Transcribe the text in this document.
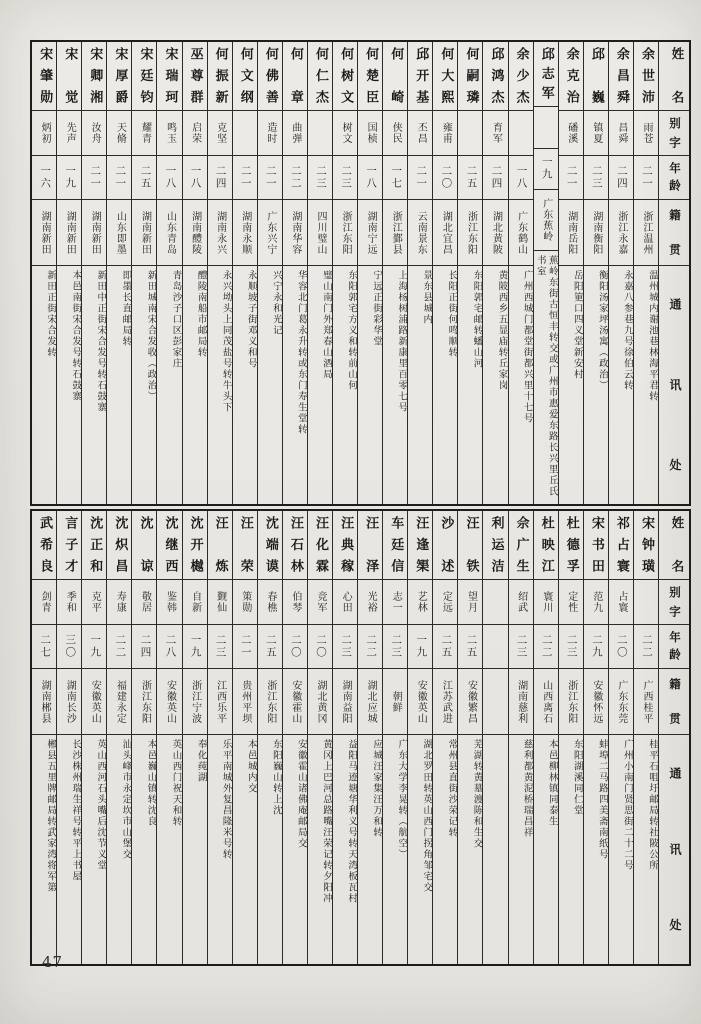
姓名
别字
年龄
籍贯
通讯处
余世沛
雨苍
二一
浙江温州
温州城内谢池巷林海平君转
余昌舜
昌舜
二四
浙江永嘉
永嘉八参巷九号徐伯云转
邱巍
镇夏
二三
湖南衡阳
衡阳汤家坪汤寓（政治）
余克治
磻溪
二一
湖南岳阳
岳阳筻口四义堂新安村
邱志军
一九
广东蕉岭
蕉岭东街古恒丰转交或广州市惠爱东路长兴里丘氏书室
余少杰
一八
广东鹤山
广州西城门都堂街都兴里十七号
邱鸿杰
育军
二四
湖北黄陂
黄陂西乡五显庙转丘家岗
何嗣璘
二五
浙江东阳
东阳郭宅邮转蟠山河
何大熙
雍甫
二〇
湖北宜昌
长阳正街何鸣顺转
邱开基
丕昌
二一
云南景东
景东县城内
何崎
侠民
一七
浙江鄞县
上海杨树浦路新康里百零七号
何楚臣
国桢
一八
湖南宁远
宁远正街彩华堂
何树文
树文
二三
浙江东阳
东阳郭宅方义和转前山何
何仁杰
二三
四川璧山
璧山南门外郑春山酒局
何章
曲弹
二二
湖南华容
华容北门葛永升转或东门寿生堂转
何佛善
造时
二一
广东兴宁
兴宁永和光记
何文纲
二一
湖南永顺
永顺坡子街邓义和号
何振新
克坚
二四
湖南永兴
永兴坳头上同茂盐号转牛头下
巫尊群
启荣
一八
湖南醴陵
醴陵南船市邮局转
宋瑞珂
鸣玉
一八
山东青岛
青岛沙子口区彭家庄
宋廷钧
耀青
二五
湖南新田
新田城南宋合发收（政治）
宋厚爵
天脩
二一
山东即墨
即墨长直邮局转
宋卿湘
汝舟
二一
湖南新田
新田中正街宋合发号转石鼓寨
宋觉
先声
一九
湖南新田
本邑南街宋合发号转石鼓寨
宋肇勋
炳初
一六
湖南新田
新田正街宋合发转
姓名
别字
年龄
籍贯
通讯处
宋钟璜
二二
广西桂平
桂平石咀圩邮局转社陂公所
祁占寰
占寰
二〇
广东东莞
广州小南门贤思街二十二号
宋书田
范九
二九
安徽怀远
蚌埠二马路四美斋南纸号
杜德孚
定性
二三
浙江东阳
东阳湖溪同仁堂
杜映江
寰川
二二
山西离石
本邑柳林镇同泰生
佘广生
绍武
二三
湖南慈利
慈利都黄泥桥瑞昌祥
利运洁
汪铁
望月
二五
安徽繁昌
芜湖转黄墓渡陈和生交
沙述
定远
二五
江苏武进
常州县直街沙荣记转
汪逢榘
艺林
一九
安徽英山
湖北罗田转英山西门拐角邹宅交
车廷信
志一
二三
朝鲜
广东大学李晃转（航空）
汪泽
光裕
二二
湖北应城
应城汪家集汪万和转
汪典稼
心田
二三
湖南益阳
益阳马迹塘华利义号转天湾板瓦村
汪化霖
竞军
二〇
湖北黄冈
黄冈上巴河总路嘴汪荣记转夕阳冲
汪石林
伯琴
二〇
安徽霍山
安徽霍山诸佛庵邮局交
沈端谟
春樵
二五
浙江东阳
东阳巍山转上沈
汪荣
策勋
二一
贵州平坝
本邑城内交
汪炼
觐仙
二三
江西乐平
乐平南城外复昌隆米号转
沈开樾
自新
一九
浙江宁波
奉化莼湖
沈继西
鉴韩
二八
安徽英山
英山西门祝天和转
沈谅
敬居
二四
浙江东阳
本邑巍山镇转沈良
沈炽昌
寿康
二二
福建永定
汕头峰市永定坎市山堡交
沈正和
克平
一九
安徽英山
英山西河石头嘴后沈节义堂
言子才
季和
三〇
湖南长沙
长沙株州瑞生祥号转平上书屋
武希良
剑青
二七
湖南郴县
郴县五里牌邮局转武家湾将军第
47
